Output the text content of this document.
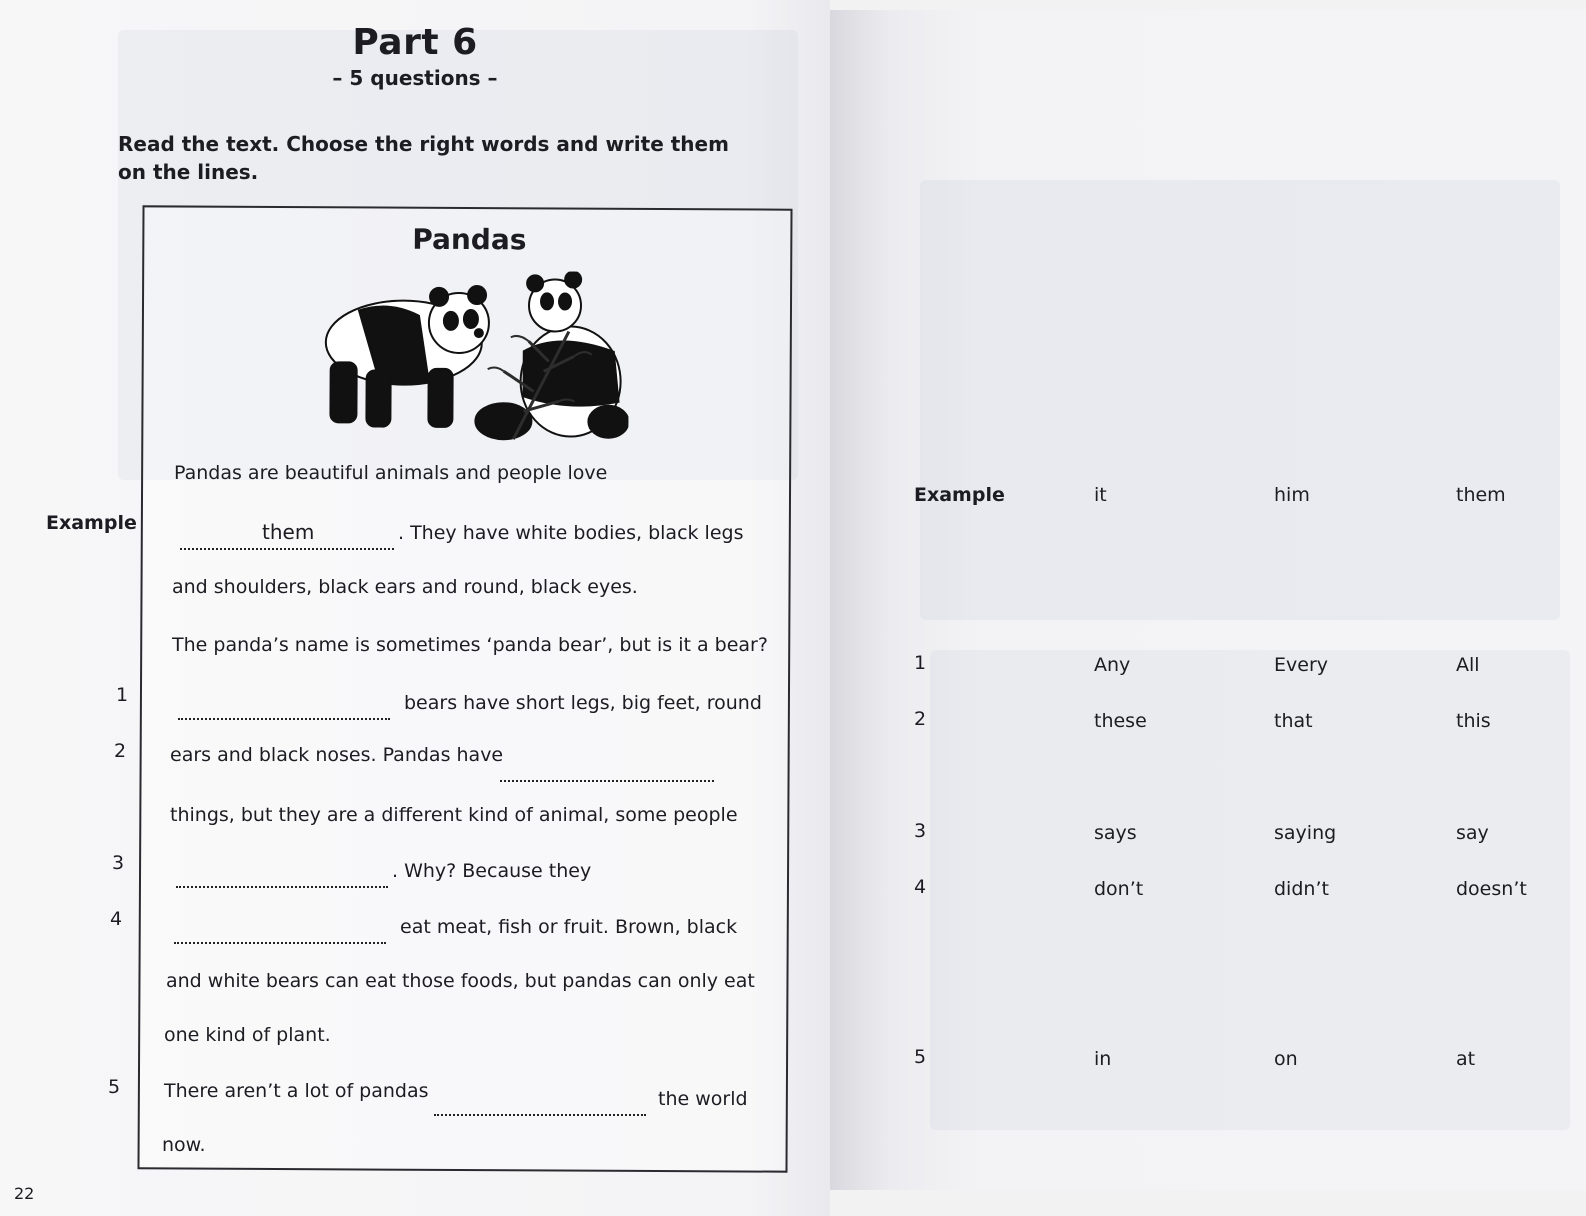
Part 6
– 5 questions –
Read the text. Choose the right words and write them on the lines.
Example
1
2
3
4
5
Pandas
Pandas are beautiful animals and people love
them	. They have white bodies, black legs
and shoulders, black ears and round, black eyes.
The panda’s name is sometimes ‘panda bear’, but is it a bear?
bears have short legs, big feet, round
ears and black noses. Pandas have
things, but they are a different kind of animal, some people
. Why? Because they
eat meat, fish or fruit. Brown, black
and white bears can eat those foods, but pandas can only eat
one kind of plant.
There aren’t a lot of pandas	the world
now.
22
Example	it	him	them
1	Any	Every	All
2	these	that	this
3	says	saying	say
4	don’t	didn’t	doesn’t
5	in	on	at
